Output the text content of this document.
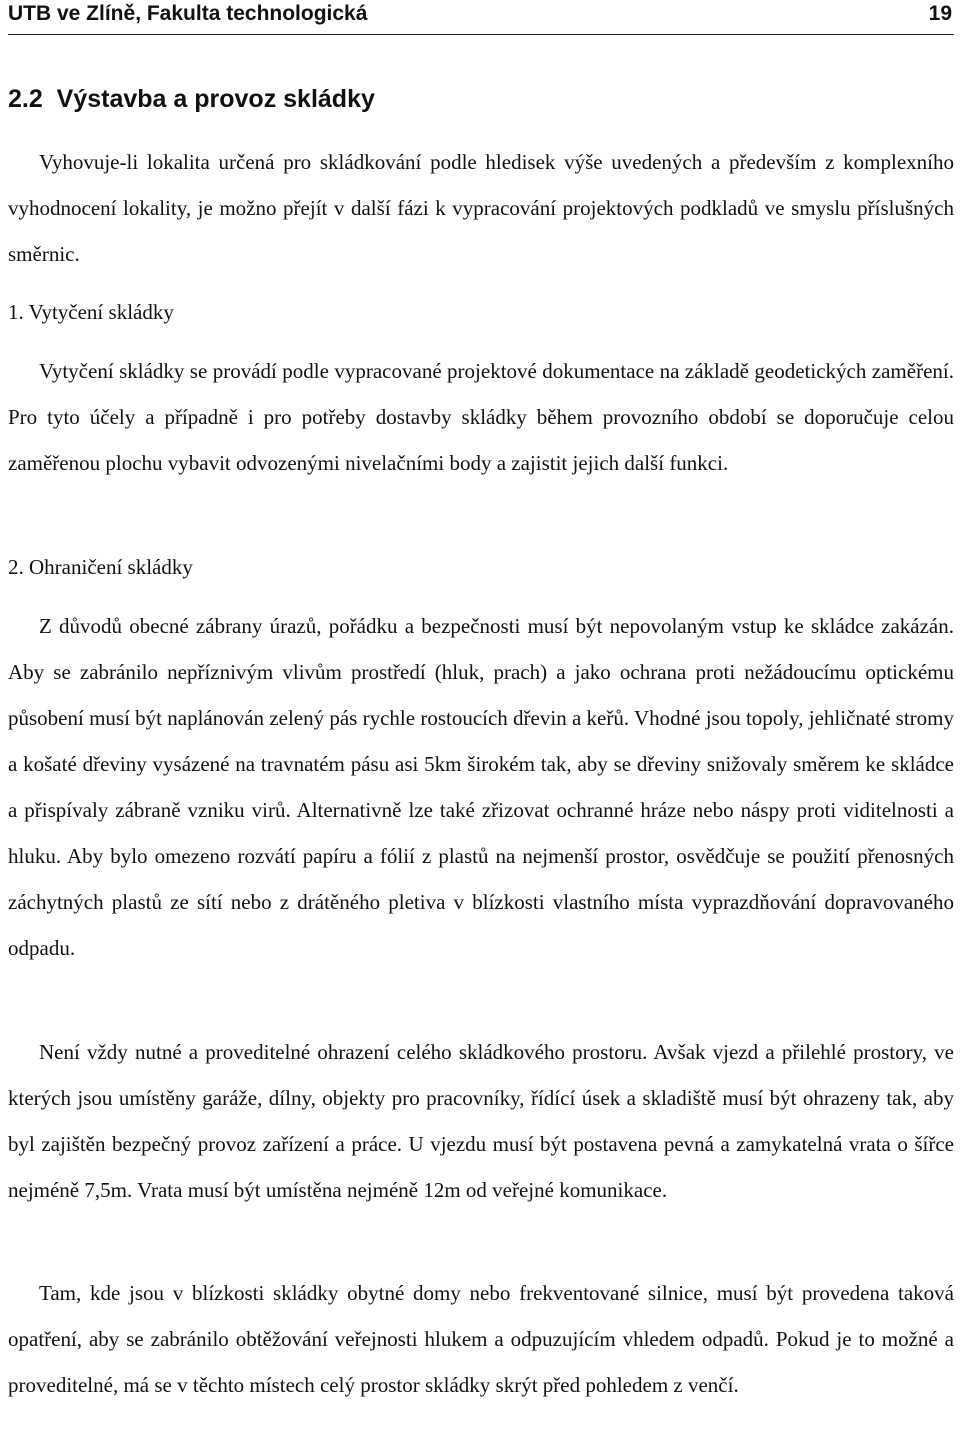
UTB ve Zlíně, Fakulta technologická	19
2.2 Výstavba a provoz skládky

Vyhovuje-li lokalita určená pro skládkování podle hledisek výše uvedených a především z komplexního vyhodnocení lokality, je možno přejít v další fázi k vypracování projektových podkladů ve smyslu příslušných směrnic.

1. Vytyčení skládky

Vytyčení skládky se provádí podle vypracované projektové dokumentace na základě geodetických zaměření. Pro tyto účely a případně i pro potřeby dostavby skládky během provozního období se doporučuje celou zaměřenou plochu vybavit odvozenými nivelačními body a zajistit jejich další funkci.

2. Ohraničení skládky

Z důvodů obecné zábrany úrazů, pořádku a bezpečnosti musí být nepovolaným vstup ke skládce zakázán. Aby se zabránilo nepříznivým vlivům prostředí (hluk, prach) a jako ochrana proti nežádoucímu optickému působení musí být naplánován zelený pás rychle rostoucích dřevin a keřů. Vhodné jsou topoly, jehličnaté stromy a košaté dřeviny vysázené na travnatém pásu asi 5km širokém tak, aby se dřeviny snižovaly směrem ke skládce a přispívaly zábraně vzniku virů. Alternativně lze také zřizovat ochranné hráze nebo náspy proti viditelnosti a hluku. Aby bylo omezeno rozvátí papíru a fólií z plastů na nejmenší prostor, osvědčuje se použití přenosných záchytných plastů ze sítí nebo z drátěného pletiva v blízkosti vlastního místa vyprazdňování dopravovaného odpadu.

Není vždy nutné a proveditelné ohrazení celého skládkového prostoru. Avšak vjezd a přilehlé prostory, ve kterých jsou umístěny garáže, dílny, objekty pro pracovníky, řídící úsek a skladiště musí být ohrazeny tak, aby byl zajištěn bezpečný provoz zařízení a práce. U vjezdu musí být postavena pevná a zamykatelná vrata o šířce nejméně 7,5m. Vrata musí být umístěna nejméně 12m od veřejné komunikace.

Tam, kde jsou v blízkosti skládky obytné domy nebo frekventované silnice, musí být provedena taková opatření, aby se zabránilo obtěžování veřejnosti hlukem a odpuzujícím vhledem odpadů. Pokud je to možné a proveditelné, má se v těchto místech celý prostor skládky skrýt před pohledem z venčí.
